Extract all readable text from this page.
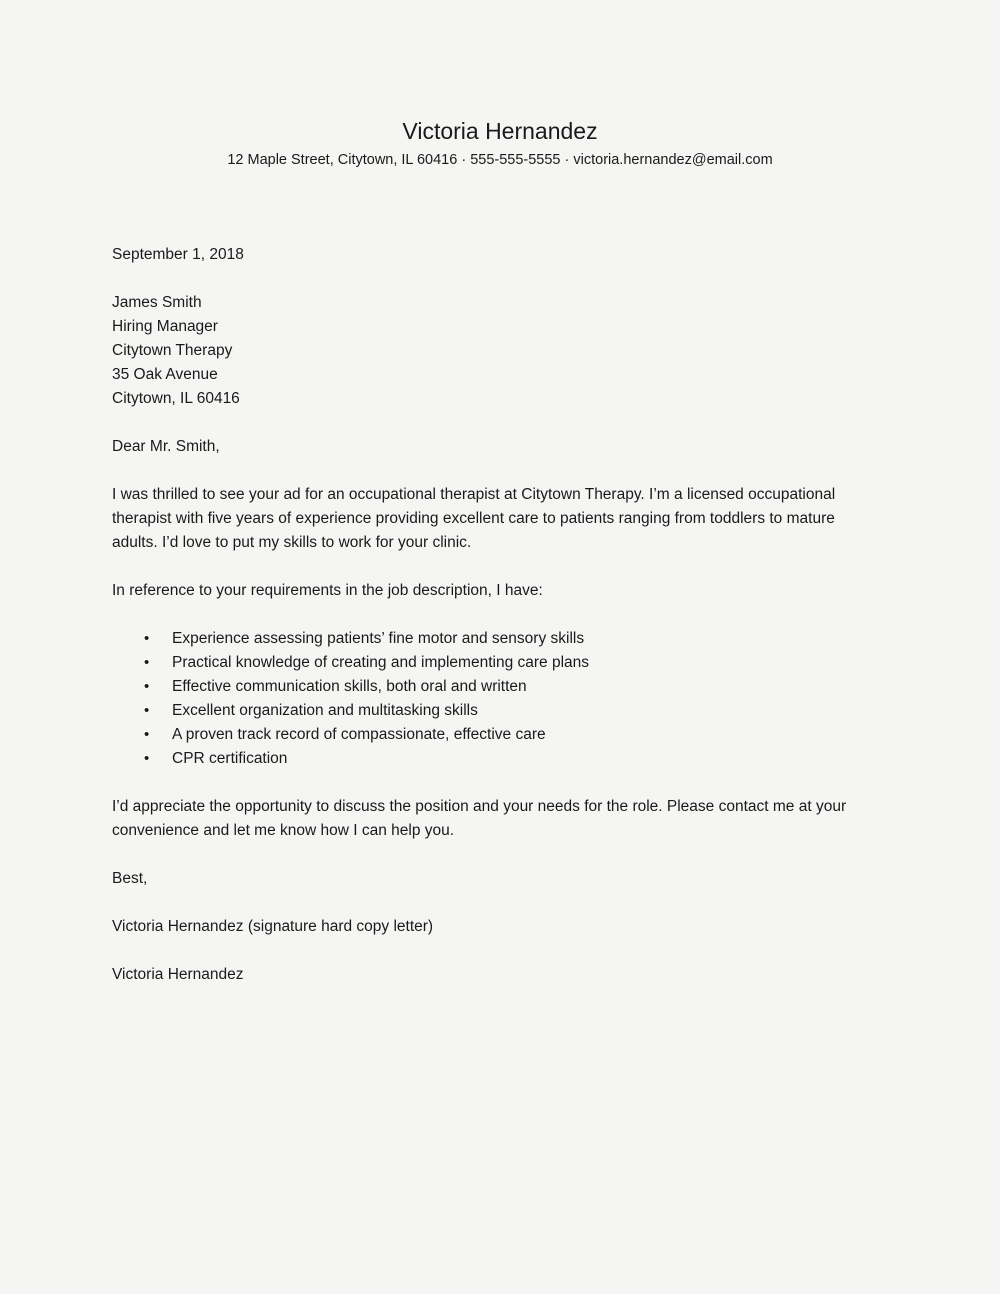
Victoria Hernandez

12 Maple Street, Citytown, IL 60416 · 555-555-5555 · victoria.hernandez@email.com

September 1, 2018

James Smith

Hiring Manager

Citytown Therapy

35 Oak Avenue

Citytown, IL 60416

Dear Mr. Smith,

I was thrilled to see your ad for an occupational therapist at Citytown Therapy. I’m a licensed occupational therapist with five years of experience providing excellent care to patients ranging from toddlers to mature adults. I’d love to put my skills to work for your clinic.

In reference to your requirements in the job description, I have:

• Experience assessing patients’ fine motor and sensory skills
• Practical knowledge of creating and implementing care plans
• Effective communication skills, both oral and written
• Excellent organization and multitasking skills
• A proven track record of compassionate, effective care
• CPR certification

I’d appreciate the opportunity to discuss the position and your needs for the role. Please contact me at your convenience and let me know how I can help you.

Best,

Victoria Hernandez (signature hard copy letter)

Victoria Hernandez
